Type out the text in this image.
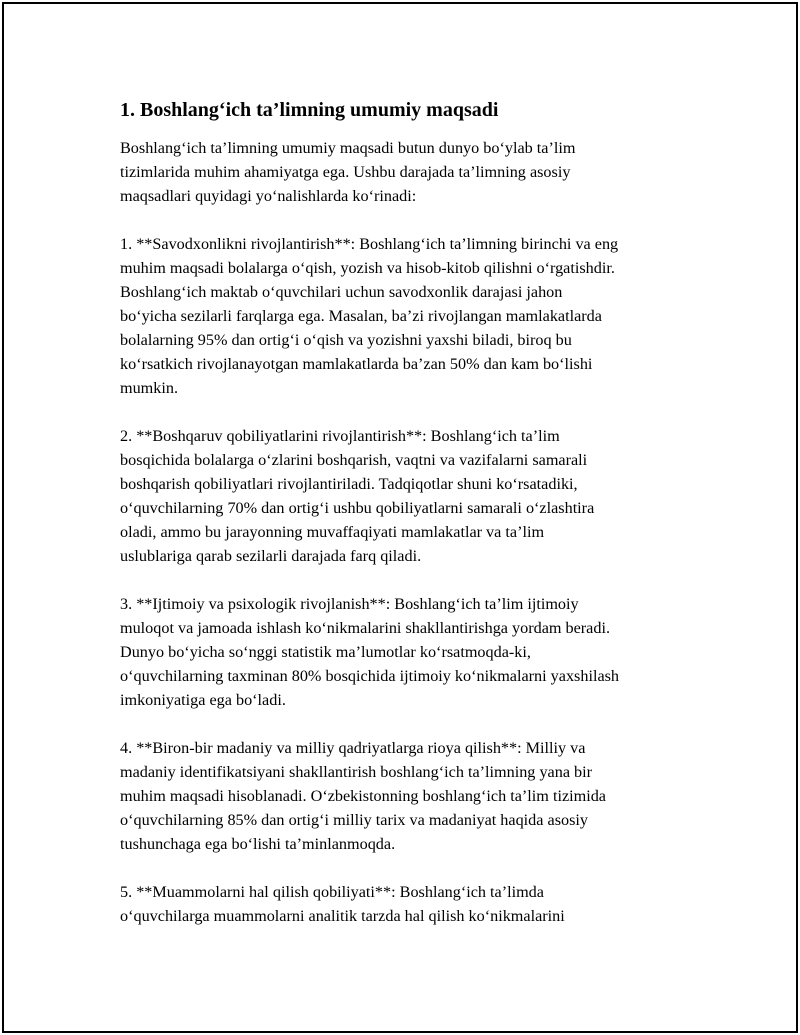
1. Boshlang‘ich ta’limning umumiy maqsadi

Boshlang‘ich ta’limning umumiy maqsadi butun dunyo bo‘ylab ta’lim
tizimlarida muhim ahamiyatga ega. Ushbu darajada ta’limning asosiy
maqsadlari quyidagi yo‘nalishlarda ko‘rinadi:

1. **Savodxonlikni rivojlantirish**: Boshlang‘ich ta’limning birinchi va eng
muhim maqsadi bolalarga o‘qish, yozish va hisob-kitob qilishni o‘rgatishdir.
Boshlang‘ich maktab o‘quvchilari uchun savodxonlik darajasi jahon
bo‘yicha sezilarli farqlarga ega. Masalan, ba’zi rivojlangan mamlakatlarda
bolalarning 95% dan ortig‘i o‘qish va yozishni yaxshi biladi, biroq bu
ko‘rsatkich rivojlanayotgan mamlakatlarda ba’zan 50% dan kam bo‘lishi
mumkin.

2. **Boshqaruv qobiliyatlarini rivojlantirish**: Boshlang‘ich ta’lim
bosqichida bolalarga o‘zlarini boshqarish, vaqtni va vazifalarni samarali
boshqarish qobiliyatlari rivojlantiriladi. Tadqiqotlar shuni ko‘rsatadiki,
o‘quvchilarning 70% dan ortig‘i ushbu qobiliyatlarni samarali o‘zlashtira
oladi, ammo bu jarayonning muvaffaqiyati mamlakatlar va ta’lim
uslublariga qarab sezilarli darajada farq qiladi.

3. **Ijtimoiy va psixologik rivojlanish**: Boshlang‘ich ta’lim ijtimoiy
muloqot va jamoada ishlash ko‘nikmalarini shakllantirishga yordam beradi.
Dunyo bo‘yicha so‘nggi statistik ma’lumotlar ko‘rsatmoqda-ki,
o‘quvchilarning taxminan 80% bosqichida ijtimoiy ko‘nikmalarni yaxshilash
imkoniyatiga ega bo‘ladi.

4. **Biron-bir madaniy va milliy qadriyatlarga rioya qilish**: Milliy va
madaniy identifikatsiyani shakllantirish boshlang‘ich ta’limning yana bir
muhim maqsadi hisoblanadi. O‘zbekistonning boshlang‘ich ta’lim tizimida
o‘quvchilarning 85% dan ortig‘i milliy tarix va madaniyat haqida asosiy
tushunchaga ega bo‘lishi ta’minlanmoqda.

5. **Muammolarni hal qilish qobiliyati**: Boshlang‘ich ta’limda
o‘quvchilarga muammolarni analitik tarzda hal qilish ko‘nikmalarini
